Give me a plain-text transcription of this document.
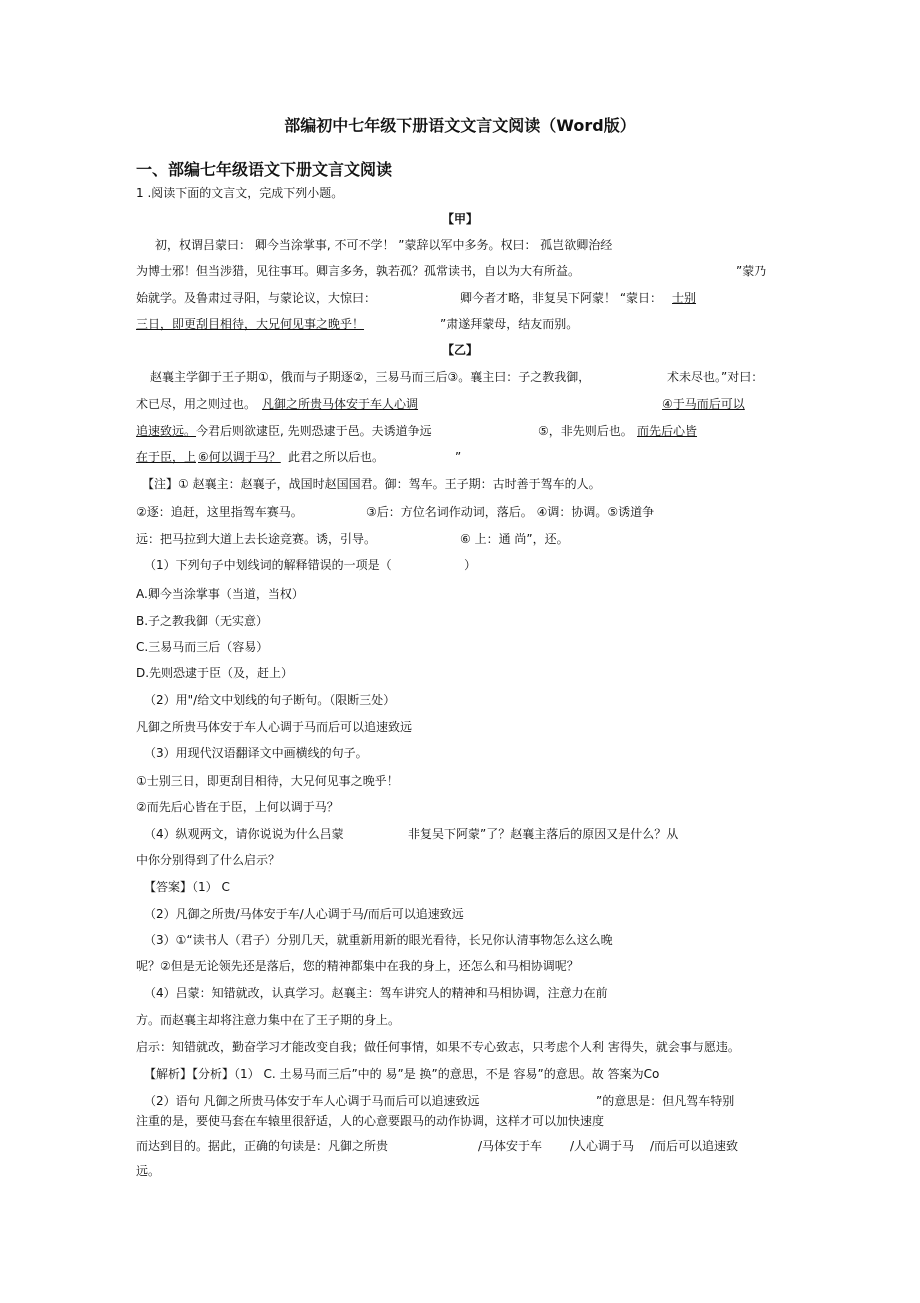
部编初中七年级下册语文文言文阅读（Word版）
一、部编七年级语文下册文言文阅读
1 .阅读下面的文言文，完成下列小题。
【甲】
初，权谓吕蒙曰： 卿今当涂掌事, 不可不学！ ”蒙辞以军中多务。权曰： 孤岂欲卿治经
为博士邪！但当涉猎，见往事耳。卿言多务，孰若孤？孤常读书，自以为大有所益。	”蒙乃
始就学。及鲁肃过寻阳，与蒙论议，大惊曰：	卿今者才略，非复吴下阿蒙！ “蒙日： 士别
三日，即更刮目相待，大兄何见事之晚乎！	”肃遂拜蒙母，结友而别。
【乙】
赵襄主学御于王子期①，俄而与子期逐②，三易马而三后③。襄主曰：子之教我御，	术未尽也。”对曰：
术已尽，用之则过也。 凡御之所贵马体安于车人心调	④于马而后可以
追速致远。 今君后则欲逮臣, 先则恐逮于邑。夫诱道争远	⑤，非先则后也。 而先后心皆
在于臣，上 ⑥何以调于马？ 此君之所以后也。	”
【注】① 赵襄主：赵襄子，战国时赵国国君。御：驾车。王子期：古时善于驾车的人。
②逐：追赶，这里指驾车赛马。	③后：方位名词作动词，落后。 ④调：协调。⑤诱道争
远：把马拉到大道上去长途竞赛。诱，引导。	⑥ 上：通 尚”，还。
（1）下列句子中划线词的解释错误的一项是（                   ）
A.卿今当涂掌事（当道，当权）
B.子之教我御（无实意）
C.三易马而三后（容易）
D.先则恐逮于臣（及，赶上）
（2）用"/给文中划线的句子断句。（限断三处）
凡御之所贵马体安于车人心调于马而后可以追速致远
（3）用现代汉语翻译文中画横线的句子。
①士别三日，即更刮目相待，大兄何见事之晚乎！
②而先后心皆在于臣，上何以调于马？
（4）纵观两文，请你说说为什么吕蒙	非复吴下阿蒙”了？赵襄主落后的原因又是什么？从
中你分别得到了什么启示？
【答案】（1） C
（2）凡御之所贵/马体安于车/人心调于马/而后可以追速致远
（3）①“读书人（君子）分别几天，就重新用新的眼光看待，长兄你认清事物怎么这么晚
呢？②但是无论领先还是落后，您的精神都集中在我的身上，还怎么和马相协调呢？
（4）吕蒙：知错就改，认真学习。赵襄主：驾车讲究人的精神和马相协调，注意力在前
方。而赵襄主却将注意力集中在了王子期的身上。
启示：知错就改，勤奋学习才能改变自我；做任何事情，如果不专心致志，只考虑个人利 害得失，就会事与愿违。
【解析】【分析】（1） C. 土易马而三后”中的 易”是 换”的意思，不是 容易”的意思。故 答案为Co
（2）语句 凡御之所贵马体安于车人心调于马而后可以追速致远	”的意思是：但凡驾车特别
注重的是，要使马套在车辕里很舒适，人的心意要跟马的动作协调，这样才可以加快速度
而达到目的。据此，正确的句读是：凡御之所贵	/马体安于车 /人心调于马 /而后可以追速致
远。
